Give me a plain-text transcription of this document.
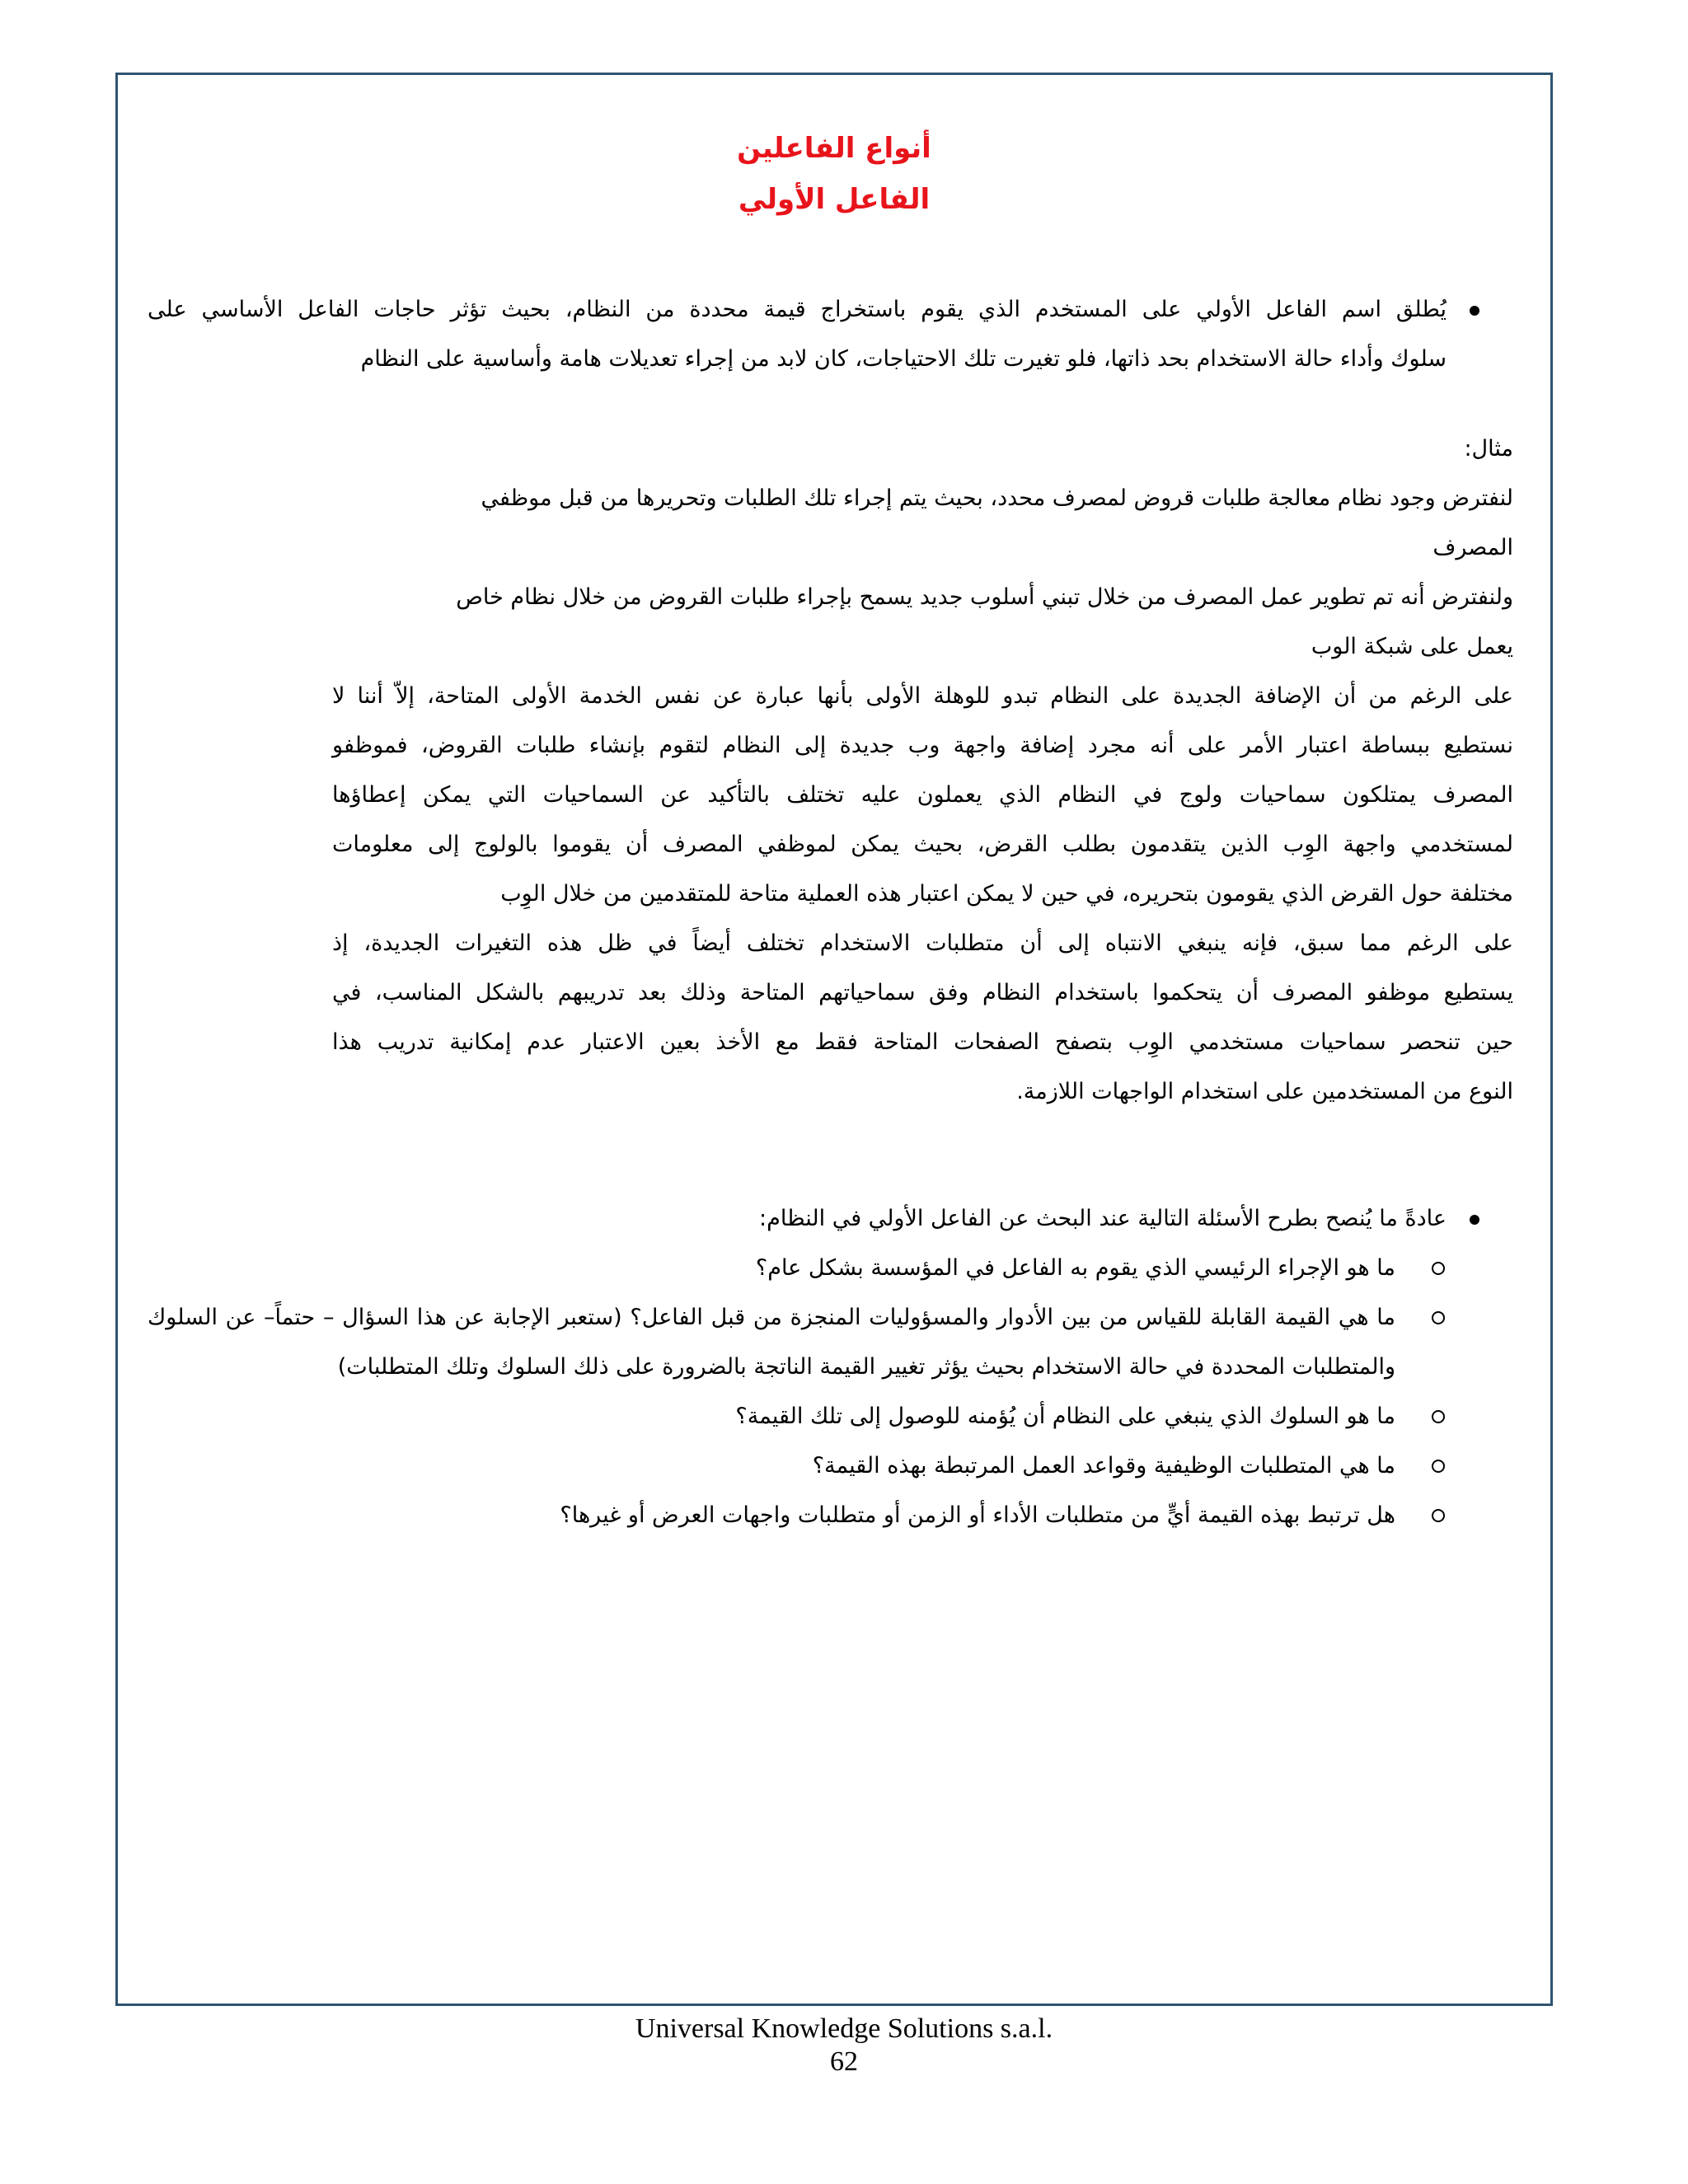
أنواع الفاعلين

الفاعل الأولي

يُطلق اسم الفاعل الأولي على المستخدم الذي يقوم باستخراج قيمة محددة من النظام، بحيث تؤثر حاجات الفاعل الأساسي على
سلوك وأداء حالة الاستخدام بحد ذاتها، فلو تغيرت تلك الاحتياجات، كان لابد من إجراء تعديلات هامة وأساسية على النظام
مثال:
لنفترض وجود نظام معالجة طلبات قروض لمصرف محدد، بحيث يتم إجراء تلك الطلبات وتحريرها من قبل موظفي
المصرف
ولنفترض أنه تم تطوير عمل المصرف من خلال تبني أسلوب جديد يسمح بإجراء طلبات القروض من خلال نظام خاص
يعمل على شبكة الوب
على الرغم من أن الإضافة الجديدة على النظام تبدو للوهلة الأولى بأنها عبارة عن نفس الخدمة الأولى المتاحة، إلاّ أننا لا
نستطيع ببساطة اعتبار الأمر على أنه مجرد إضافة واجهة وب جديدة إلى النظام لتقوم بإنشاء طلبات القروض، فموظفو
المصرف يمتلكون سماحيات ولوج في النظام الذي يعملون عليه تختلف بالتأكيد عن السماحيات التي يمكن إعطاؤها
لمستخدمي واجهة الوِب الذين يتقدمون بطلب القرض، بحيث يمكن لموظفي المصرف أن يقوموا بالولوج إلى معلومات
مختلفة حول القرض الذي يقومون بتحريره، في حين لا يمكن اعتبار هذه العملية متاحة للمتقدمين من خلال الوِب
على الرغم مما سبق، فإنه ينبغي الانتباه إلى أن متطلبات الاستخدام تختلف أيضاً في ظل هذه التغيرات الجديدة، إذ
يستطيع موظفو المصرف أن يتحكموا باستخدام النظام وفق سماحياتهم المتاحة وذلك بعد تدريبهم بالشكل المناسب، في
حين تنحصر سماحيات مستخدمي الوِب بتصفح الصفحات المتاحة فقط مع الأخذ بعين الاعتبار عدم إمكانية تدريب هذا
النوع من المستخدمين على استخدام الواجهات اللازمة.
عادةً ما يُنصح بطرح الأسئلة التالية عند البحث عن الفاعل الأولي في النظام:
ما هو الإجراء الرئيسي الذي يقوم به الفاعل في المؤسسة بشكل عام؟
ما هي القيمة القابلة للقياس من بين الأدوار والمسؤوليات المنجزة من قبل الفاعل؟ (ستعبر الإجابة عن هذا السؤال – حتماً– عن السلوك والمتطلبات المحددة في حالة الاستخدام بحيث يؤثر تغيير القيمة الناتجة بالضرورة على ذلك السلوك وتلك المتطلبات)
ما هو السلوك الذي ينبغي على النظام أن يُؤمنه للوصول إلى تلك القيمة؟
ما هي المتطلبات الوظيفية وقواعد العمل المرتبطة بهذه القيمة؟
هل ترتبط بهذه القيمة أيٍّ من متطلبات الأداء أو الزمن أو متطلبات واجهات العرض أو غيرها؟
Universal Knowledge Solutions s.a.l.
62
